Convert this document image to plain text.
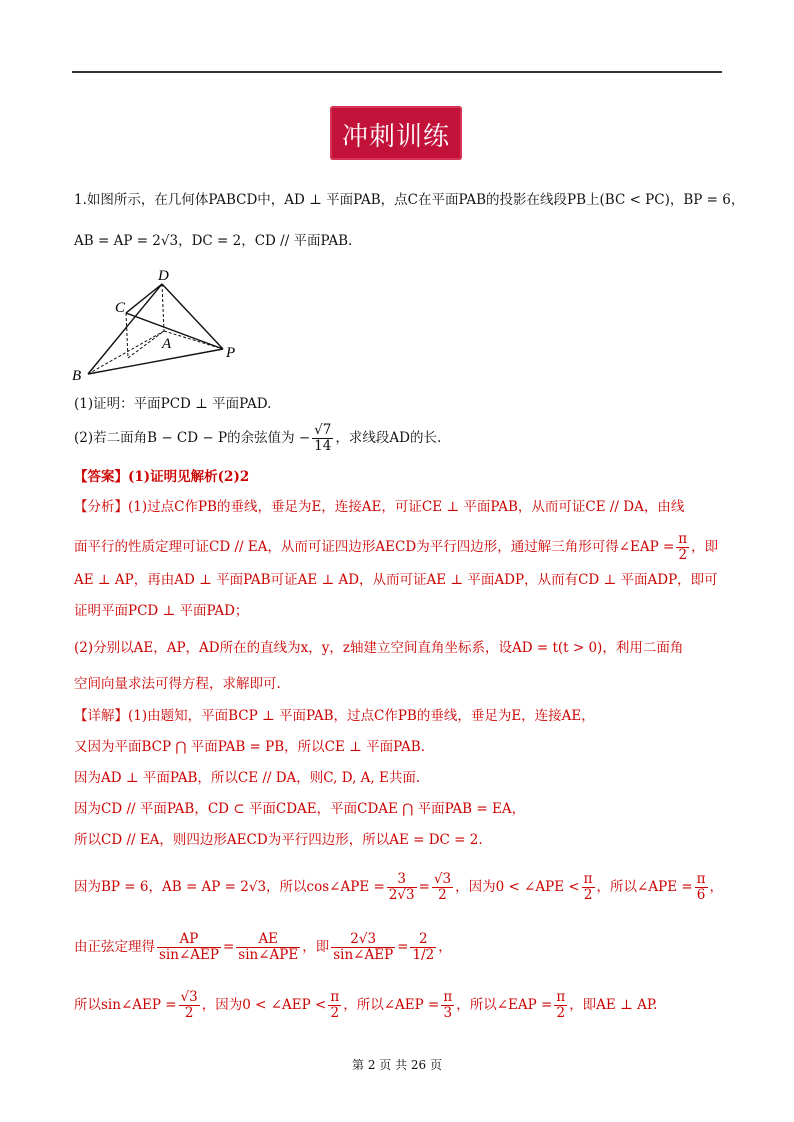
冲刺训练
1.如图所示，在几何体PABCD中，AD ⊥ 平面PAB，点C在平面PAB的投影在线段PB上(BC < PC)，BP = 6，
AB = AP = 2√3，DC = 2，CD // 平面PAB.
D
C
A
P
B
(1)证明：平面PCD ⊥ 平面PAD.
(2)若二面角B − CD − P的余弦值为 − $\frac{√7}{14}$ ，求线段AD的长.
【答案】(1)证明见解析(2)2
【分析】(1)过点C作PB的垂线，垂足为E，连接AE，可证CE ⊥ 平面PAB，从而可证CE // DA，由线
面平行的性质定理可证CD // EA，从而可证四边形AECD为平行四边形，通过解三角形可得∠EAP = $\frac{\pi}{2}$ ，即
AE ⊥ AP，再由AD ⊥ 平面PAB可证AE ⊥ AD，从而可证AE ⊥ 平面ADP，从而有CD ⊥ 平面ADP，即可
证明平面PCD ⊥ 平面PAD；
(2)分别以AE，AP，AD所在的直线为x，y，z轴建立空间直角坐标系，设AD = t(t > 0)，利用二面角
空间向量求法可得方程，求解即可.
【详解】(1)由题知，平面BCP ⊥ 平面PAB，过点C作PB的垂线，垂足为E，连接AE，
又因为平面BCP ⋂ 平面PAB = PB，所以CE ⊥ 平面PAB.
因为AD ⊥ 平面PAB，所以CE // DA，则C, D, A, E共面.
因为CD // 平面PAB，CD ⊂ 平面CDAE，平面CDAE ⋂ 平面PAB = EA，
所以CD // EA，则四边形AECD为平行四边形，所以AE = DC = 2.
因为BP = 6，AB = AP = 2√3，所以cos∠APE = $\frac{3}{2√3} = \frac{√3}{2}$ ，因为0 < ∠APE < $\frac{\pi}{2}$ ，所以∠APE = $\frac{\pi}{6}$ ，
由正弦定理得 $\frac{AP}{\text{sin∠AEP}} = \frac{AE}{\text{sin∠APE}}$ ，即 $\frac{2√3}{\text{sin∠AEP}} = \frac{2}{1/2}$ ，
所以sin∠AEP = $\frac{√3}{2}$ ，因为0 < ∠AEP < $\frac{\pi}{2}$ ，所以∠AEP = $\frac{\pi}{3}$ ，所以∠EAP = $\frac{\pi}{2}$ ，即AE ⊥ AP.
第 2 页 共 26 页
